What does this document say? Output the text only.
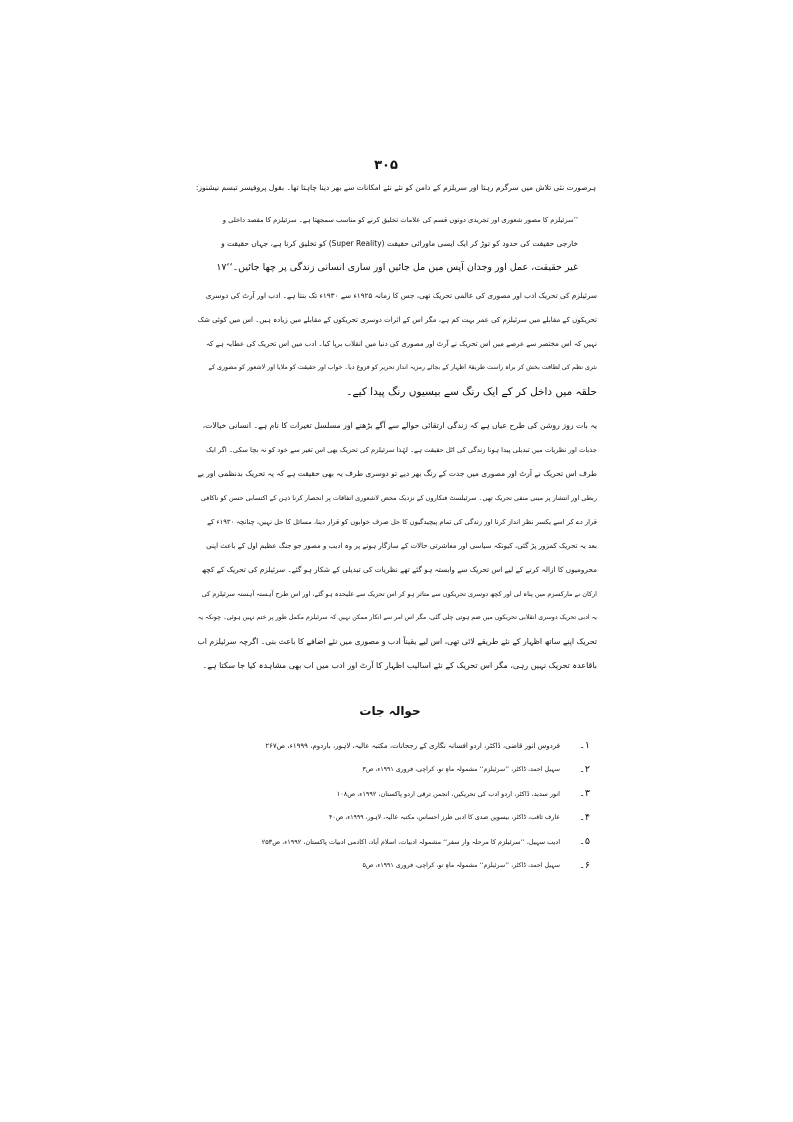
۳۰۵
ہرصورت نئی تلاش میں سرگرم رہتا اور سریلزم کے دامن کو نئے نئے امکانات سے بھر دینا چاہتا تھا۔ بقول پروفیسر تبسم نیشنوز:
’’سرئیلزم کا مصور شعوری اور تجریدی دونوں قسم کی علامات تخلیق کرنے کو مناسب سمجھتا ہے۔ سرئیلزم کا مقصد داخلی و
خارجی حقیقت کی حدود کو توڑ کر ایک ایسی ماورائی حقیقت (Super Reality) کو تخلیق کرنا ہے، جہاں حقیقت و
غیر حقیقت، عمل اور وجدان آپس میں مل جائیں اور ساری انسانی زندگی پر چھا جائیں۔‘‘۱۷
سرئیلزم کی تحریک ادب اور مصوری کی عالمی تحریک تھی، جس کا زمانہ ۱۹۲۵ء سے ۱۹۳۰ء تک بنتا ہے۔ ادب اور آرٹ کی دوسری
تحریکوں کے مقابلے میں سرئیلزم کی عمر بہت کم ہے، مگر اس کے اثرات دوسری تحریکوں کے مقابلے میں زیادہ ہیں۔ اس میں کوئی شک
نہیں کہ اس مختصر سے عرصے میں اس تحریک نے آرٹ اور مصوری کی دنیا میں انقلاب برپا کیا۔ ادب میں اس تحریک کی عطایہ ہے کہ
نثری نظم کی لطافت بخش کر براہ راست طریقۂ اظہار کے بجائے رمزیہ انداز تحریر کو فروغ دیا۔ خواب اور حقیقت کو ملایا اور لاشعور کو مصوری کے
حلقہ میں داخل کر کے ایک رنگ سے بیسیوں رنگ پیدا کیے۔
یہ بات روز روشن کی طرح عیاں ہے کہ زندگی ارتقائی حوالے سے آگے بڑھنے اور مسلسل تغیرات کا نام ہے۔ انسانی خیالات،
جذبات اور نظریات میں تبدیلی پیدا ہونا زندگی کی اٹل حقیقت ہے۔ لہٰذا سرئیلزم کی تحریک بھی اس تغیر سے خود کو نہ بچا سکی۔ اگر ایک
طرف اس تحریک نے آرٹ اور مصوری میں جدت کے رنگ بھر دیے تو دوسری طرف یہ بھی حقیقت ہے کہ یہ تحریک بدنظمی اور بے
ربطی اور انتشار پر مبنی منفی تحریک تھی۔ سرئیلسٹ فنکاروں کے نزدیک محض لاشعوری اتفاقات پر انحصار کرنا ذہن کے اکتسابی حسن کو ناکافی
قرار دے کر اسے یکسر نظر انداز کرنا اور زندگی کی تمام پیچیدگیوں کا حل صرف خوابوں کو قرار دینا، مسائل کا حل نہیں، چنانچہ ۱۹۳۰ء کے
بعد یہ تحریک کمزور پڑ گئی، کیونکہ سیاسی اور معاشرتی حالات کے سازگار ہونے پر وہ ادیب و مصور جو جنگ عظیم اول کے باعث اپنی
محرومیوں کا ازالہ کرنے کے لیے اس تحریک سے وابستہ ہو گئے تھے نظریات کی تبدیلی کے شکار ہو گئے۔ سرئیلزم کی تحریک کے کچھ
ارکان نے مارکسزم میں پناہ لی اور کچھ دوسری تحریکوں سے متاثر ہو کر اس تحریک سے علیحدہ ہو گئے، اور اس طرح آہستہ آہستہ سرئیلزم کی
یہ ادبی تحریک دوسری انقلابی تحریکوں میں ضم ہوتی چلی گئی، مگر اس امر سے انکار ممکن نہیں کہ سرئیلزم مکمل طور پر ختم نہیں ہوئی۔ چونکہ یہ
تحریک اپنے ساتھ اظہار کے نئے طریقے لائی تھی، اس لیے یقیناً ادب و مصوری میں نئے اضافے کا باعث بنی۔ اگرچہ سرئیلزم اب
باقاعدہ تحریک نہیں رہی، مگر اس تحریک کے نئے اسالیب اظہار کا آرٹ اور ادب میں اب بھی مشاہدہ کیا جا سکتا ہے۔
حوالہ جات
۱۔
فردوس انور قاضی، ڈاکٹر، اردو افسانہ نگاری کے رجحانات، مکتبہ عالیہ، لاہور، باردوم، ۱۹۹۹ء، ص۲۶۷
۲۔
سہیل احمد، ڈاکٹر، ’’سرئیلزم‘‘ مشمولہ ماہِ نو، کراچی، فروری ۱۹۹۱ء، ص۳
۳۔
انور سدید، ڈاکٹر، اردو ادب کی تحریکیں، انجمن ترقی اردو پاکستان، ۱۹۹۲ء، ص۱۰۸
۴۔
عارف ثاقب، ڈاکٹر، بیسویں صدی کا ادبی طرز احساس، مکتبہ عالیہ، لاہور، ۱۹۹۹ء، ص۴۰
۵۔
ادیب سہیل، ’’سرئیلزم کا مرحلہ وار سفر‘‘ مشمولہ ادبیات، اسلام آباد، اکادمی ادبیات پاکستان، ۱۹۹۲ء، ص۲۵۳
۶۔
سہیل احمد، ڈاکٹر، ’’سرئیلزم‘‘ مشمولہ ماہِ نو، کراچی، فروری ۱۹۹۱ء، ص۵
